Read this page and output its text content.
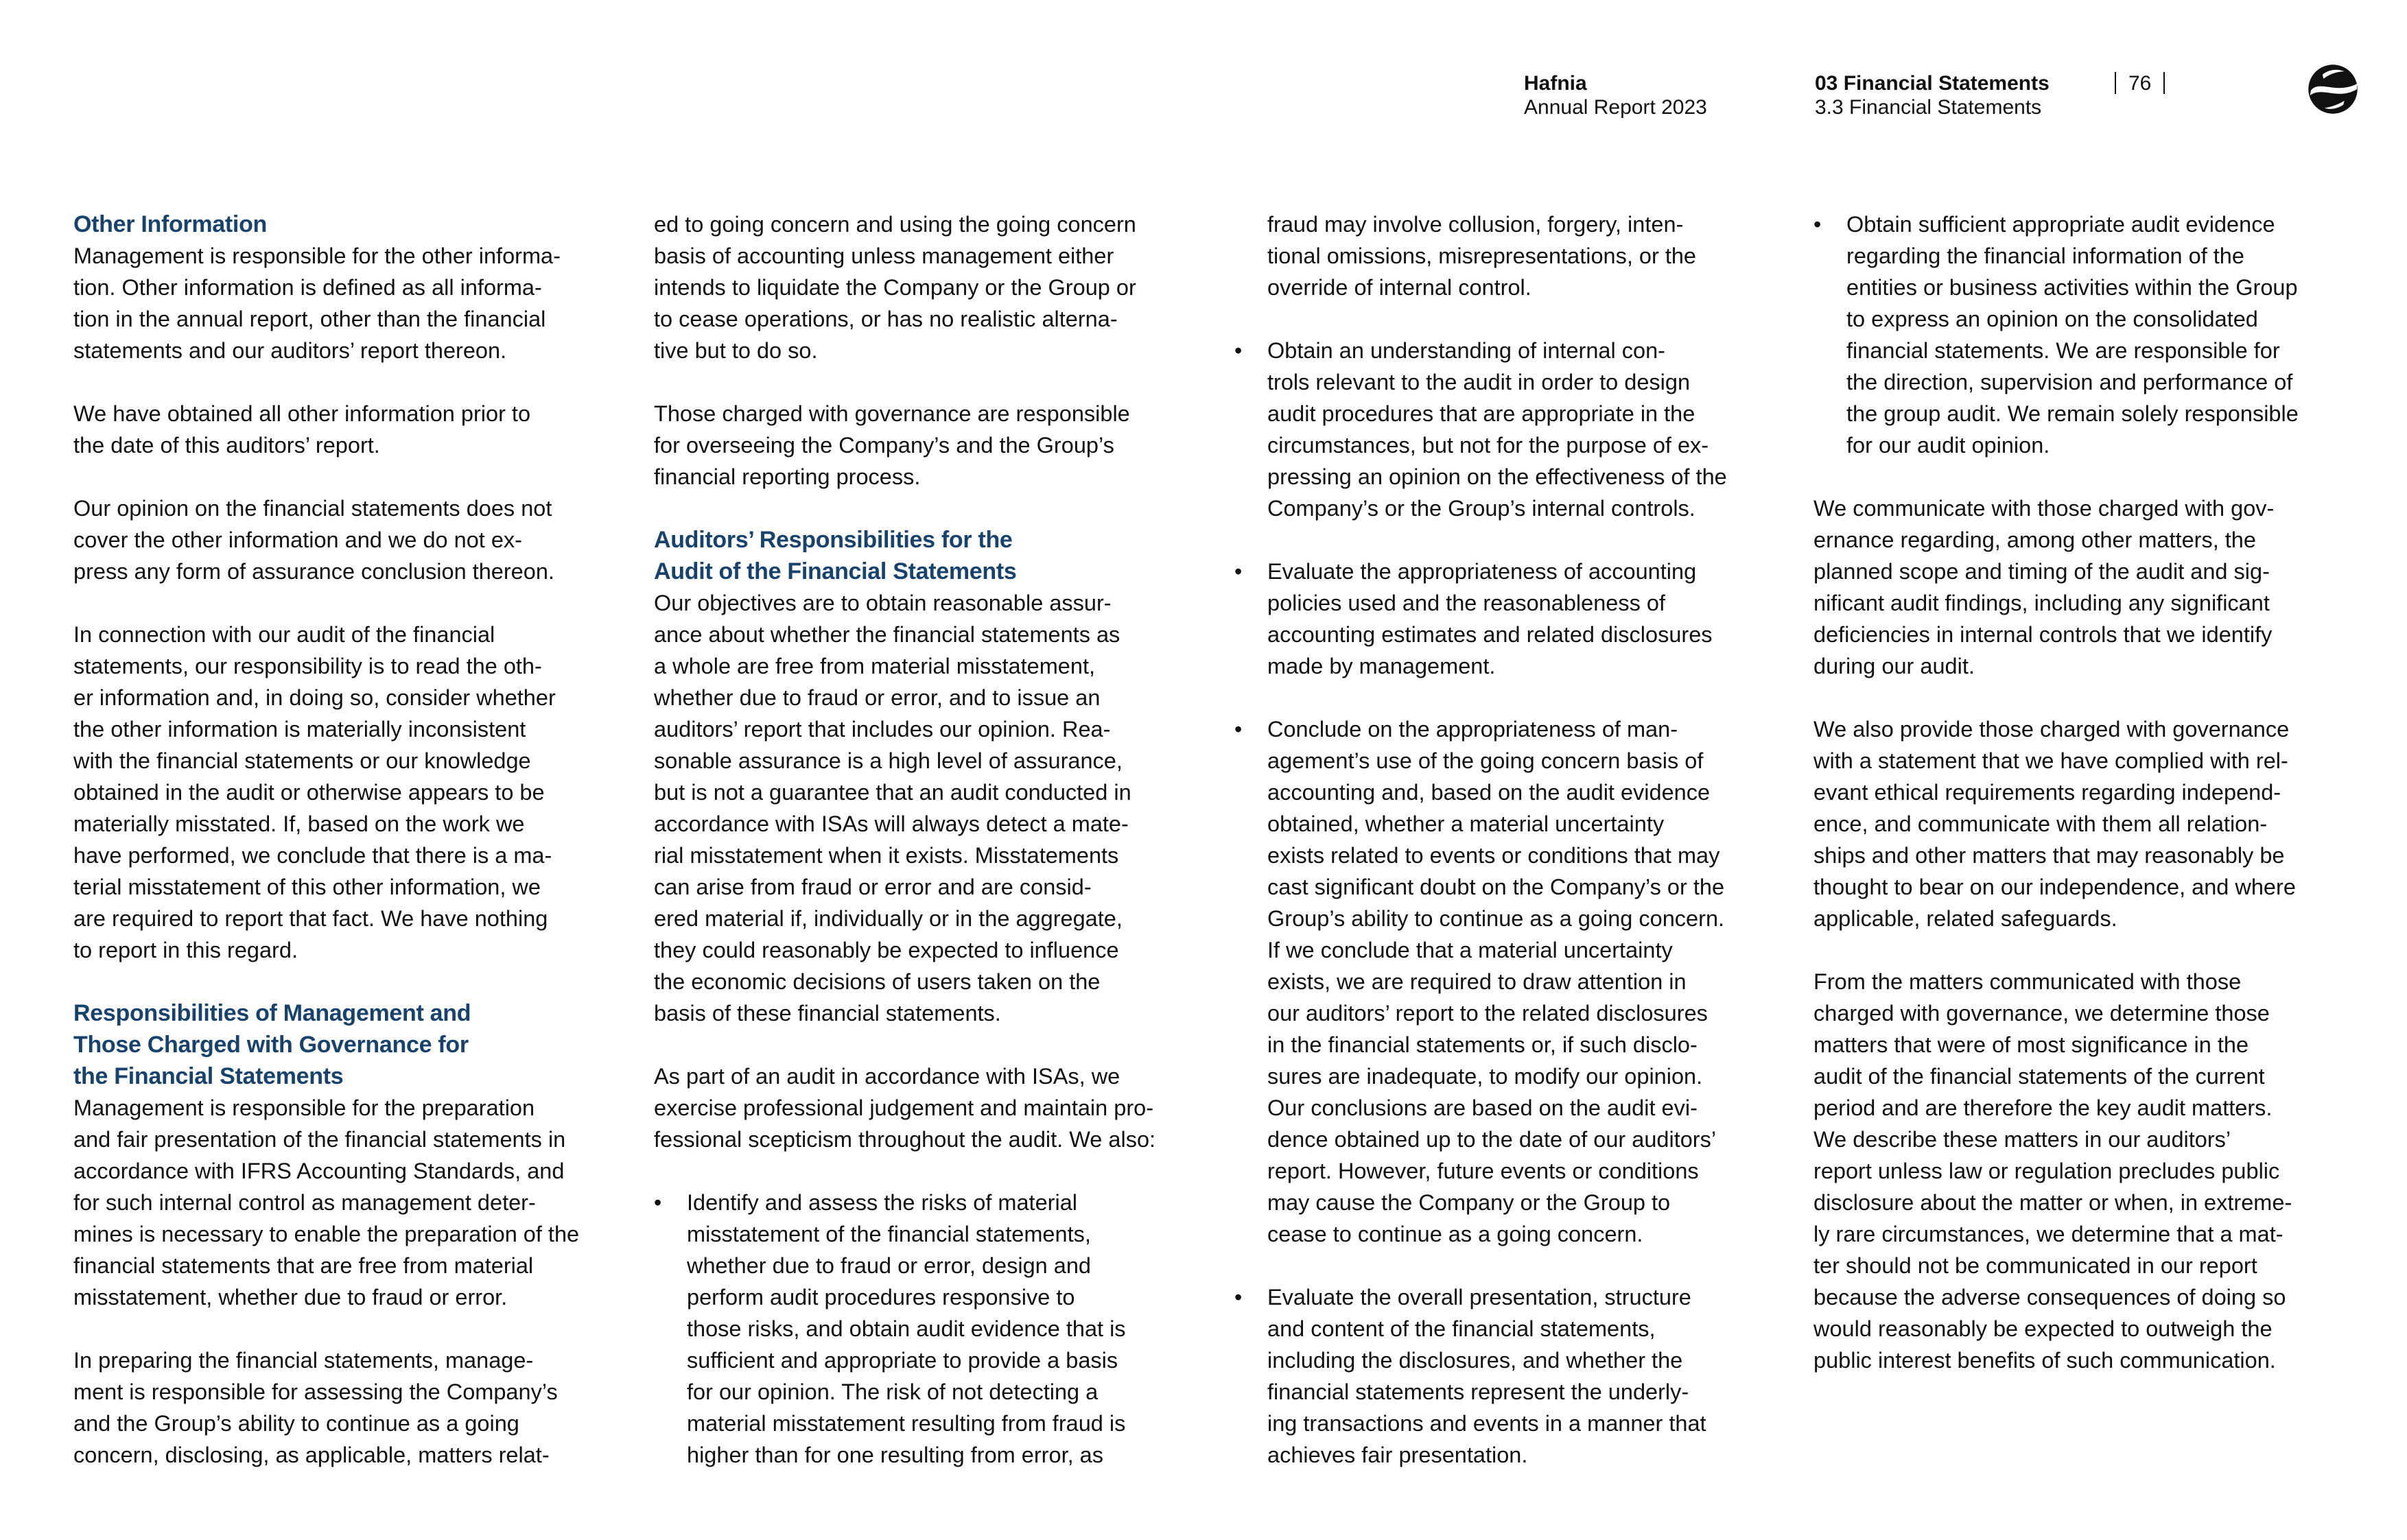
Hafnia
Annual Report 2023
03 Financial Statements
3.3 Financial Statements
76
Other Information
Management is responsible for the other informa-
tion. Other information is defined as all informa-
tion in the annual report, other than the financial
statements and our auditors’ report thereon.
We have obtained all other information prior to
the date of this auditors’ report.
Our opinion on the financial statements does not
cover the other information and we do not ex-
press any form of assurance conclusion thereon.
In connection with our audit of the financial
statements, our responsibility is to read the oth-
er information and, in doing so, consider whether
the other information is materially inconsistent
with the financial statements or our knowledge
obtained in the audit or otherwise appears to be
materially misstated. If, based on the work we
have performed, we conclude that there is a ma-
terial misstatement of this other information, we
are required to report that fact. We have nothing
to report in this regard.
Responsibilities of Management and
Those Charged with Governance for
the Financial Statements
Management is responsible for the preparation
and fair presentation of the financial statements in
accordance with IFRS Accounting Standards, and
for such internal control as management deter-
mines is necessary to enable the preparation of the
financial statements that are free from material
misstatement, whether due to fraud or error.
In preparing the financial statements, manage-
ment is responsible for assessing the Company’s
and the Group’s ability to continue as a going
concern, disclosing, as applicable, matters relat-
ed to going concern and using the going concern
basis of accounting unless management either
intends to liquidate the Company or the Group or
to cease operations, or has no realistic alterna-
tive but to do so.
Those charged with governance are responsible
for overseeing the Company’s and the Group’s
financial reporting process.
Auditors’ Responsibilities for the
Audit of the Financial Statements
Our objectives are to obtain reasonable assur-
ance about whether the financial statements as
a whole are free from material misstatement,
whether due to fraud or error, and to issue an
auditors’ report that includes our opinion. Rea-
sonable assurance is a high level of assurance,
but is not a guarantee that an audit conducted in
accordance with ISAs will always detect a mate-
rial misstatement when it exists. Misstatements
can arise from fraud or error and are consid-
ered material if, individually or in the aggregate,
they could reasonably be expected to influence
the economic decisions of users taken on the
basis of these financial statements.
As part of an audit in accordance with ISAs, we
exercise professional judgement and maintain pro-
fessional scepticism throughout the audit. We also:
• Identify and assess the risks of material
misstatement of the financial statements,
whether due to fraud or error, design and
perform audit procedures responsive to
those risks, and obtain audit evidence that is
sufficient and appropriate to provide a basis
for our opinion. The risk of not detecting a
material misstatement resulting from fraud is
higher than for one resulting from error, as
fraud may involve collusion, forgery, inten-
tional omissions, misrepresentations, or the
override of internal control.
• Obtain an understanding of internal con-
trols relevant to the audit in order to design
audit procedures that are appropriate in the
circumstances, but not for the purpose of ex-
pressing an opinion on the effectiveness of the
Company’s or the Group’s internal controls.
• Evaluate the appropriateness of accounting
policies used and the reasonableness of
accounting estimates and related disclosures
made by management.
• Conclude on the appropriateness of man-
agement’s use of the going concern basis of
accounting and, based on the audit evidence
obtained, whether a material uncertainty
exists related to events or conditions that may
cast significant doubt on the Company’s or the
Group’s ability to continue as a going concern.
If we conclude that a material uncertainty
exists, we are required to draw attention in
our auditors’ report to the related disclosures
in the financial statements or, if such disclo-
sures are inadequate, to modify our opinion.
Our conclusions are based on the audit evi-
dence obtained up to the date of our auditors’
report. However, future events or conditions
may cause the Company or the Group to
cease to continue as a going concern.
• Evaluate the overall presentation, structure
and content of the financial statements,
including the disclosures, and whether the
financial statements represent the underly-
ing transactions and events in a manner that
achieves fair presentation.
• Obtain sufficient appropriate audit evidence
regarding the financial information of the
entities or business activities within the Group
to express an opinion on the consolidated
financial statements. We are responsible for
the direction, supervision and performance of
the group audit. We remain solely responsible
for our audit opinion.
We communicate with those charged with gov-
ernance regarding, among other matters, the
planned scope and timing of the audit and sig-
nificant audit findings, including any significant
deficiencies in internal controls that we identify
during our audit.
We also provide those charged with governance
with a statement that we have complied with rel-
evant ethical requirements regarding independ-
ence, and communicate with them all relation-
ships and other matters that may reasonably be
thought to bear on our independence, and where
applicable, related safeguards.
From the matters communicated with those
charged with governance, we determine those
matters that were of most significance in the
audit of the financial statements of the current
period and are therefore the key audit matters.
We describe these matters in our auditors’
report unless law or regulation precludes public
disclosure about the matter or when, in extreme-
ly rare circumstances, we determine that a mat-
ter should not be communicated in our report
because the adverse consequences of doing so
would reasonably be expected to outweigh the
public interest benefits of such communication.
